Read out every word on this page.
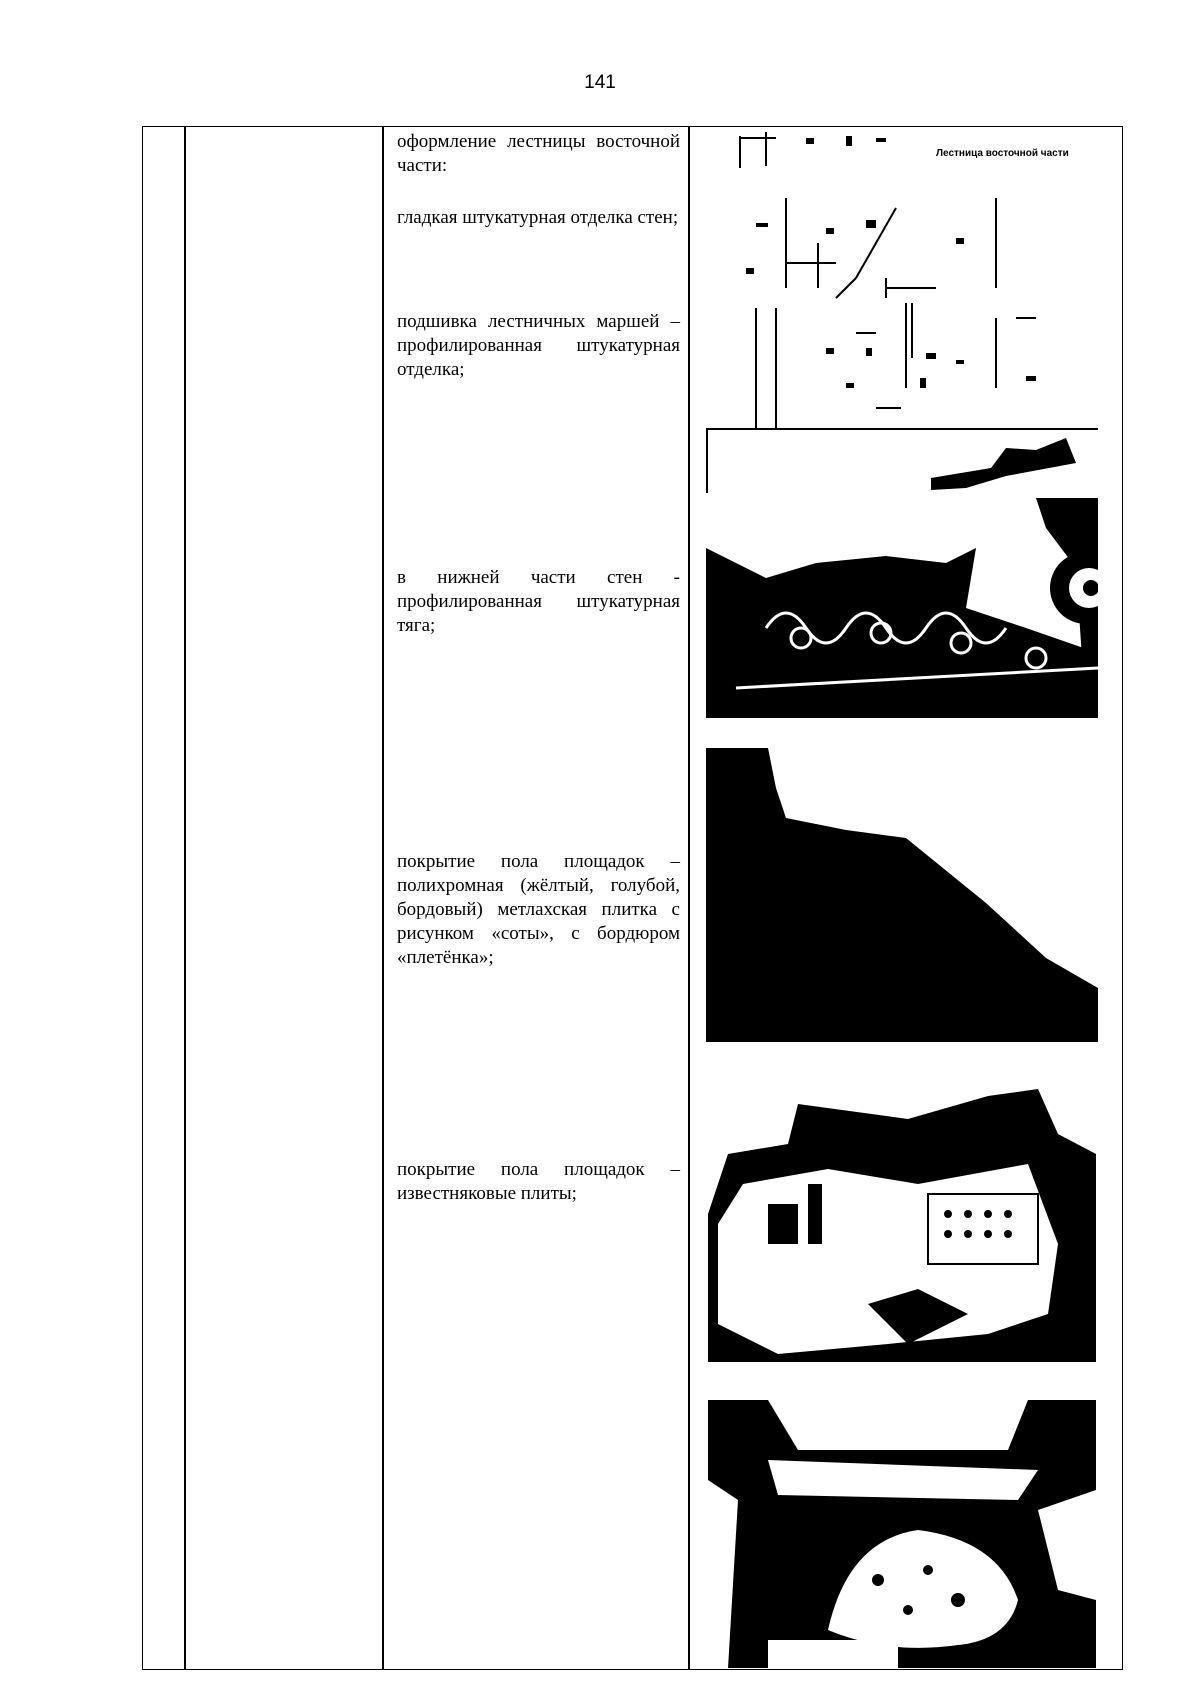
141
оформление лестницы восточной части:
гладкая штукатурная отделка стен;
подшивка лестничных маршей – профилированная штукатурная отделка;
в нижней части стен - профилированная штукатурная тяга;
покрытие пола площадок – полихромная (жёлтый, голубой, бордовый) метлахская плитка с рисунком «соты», с бордюром «плетёнка»;
покрытие пола площадок – известняковые плиты;
Лестница восточной части
